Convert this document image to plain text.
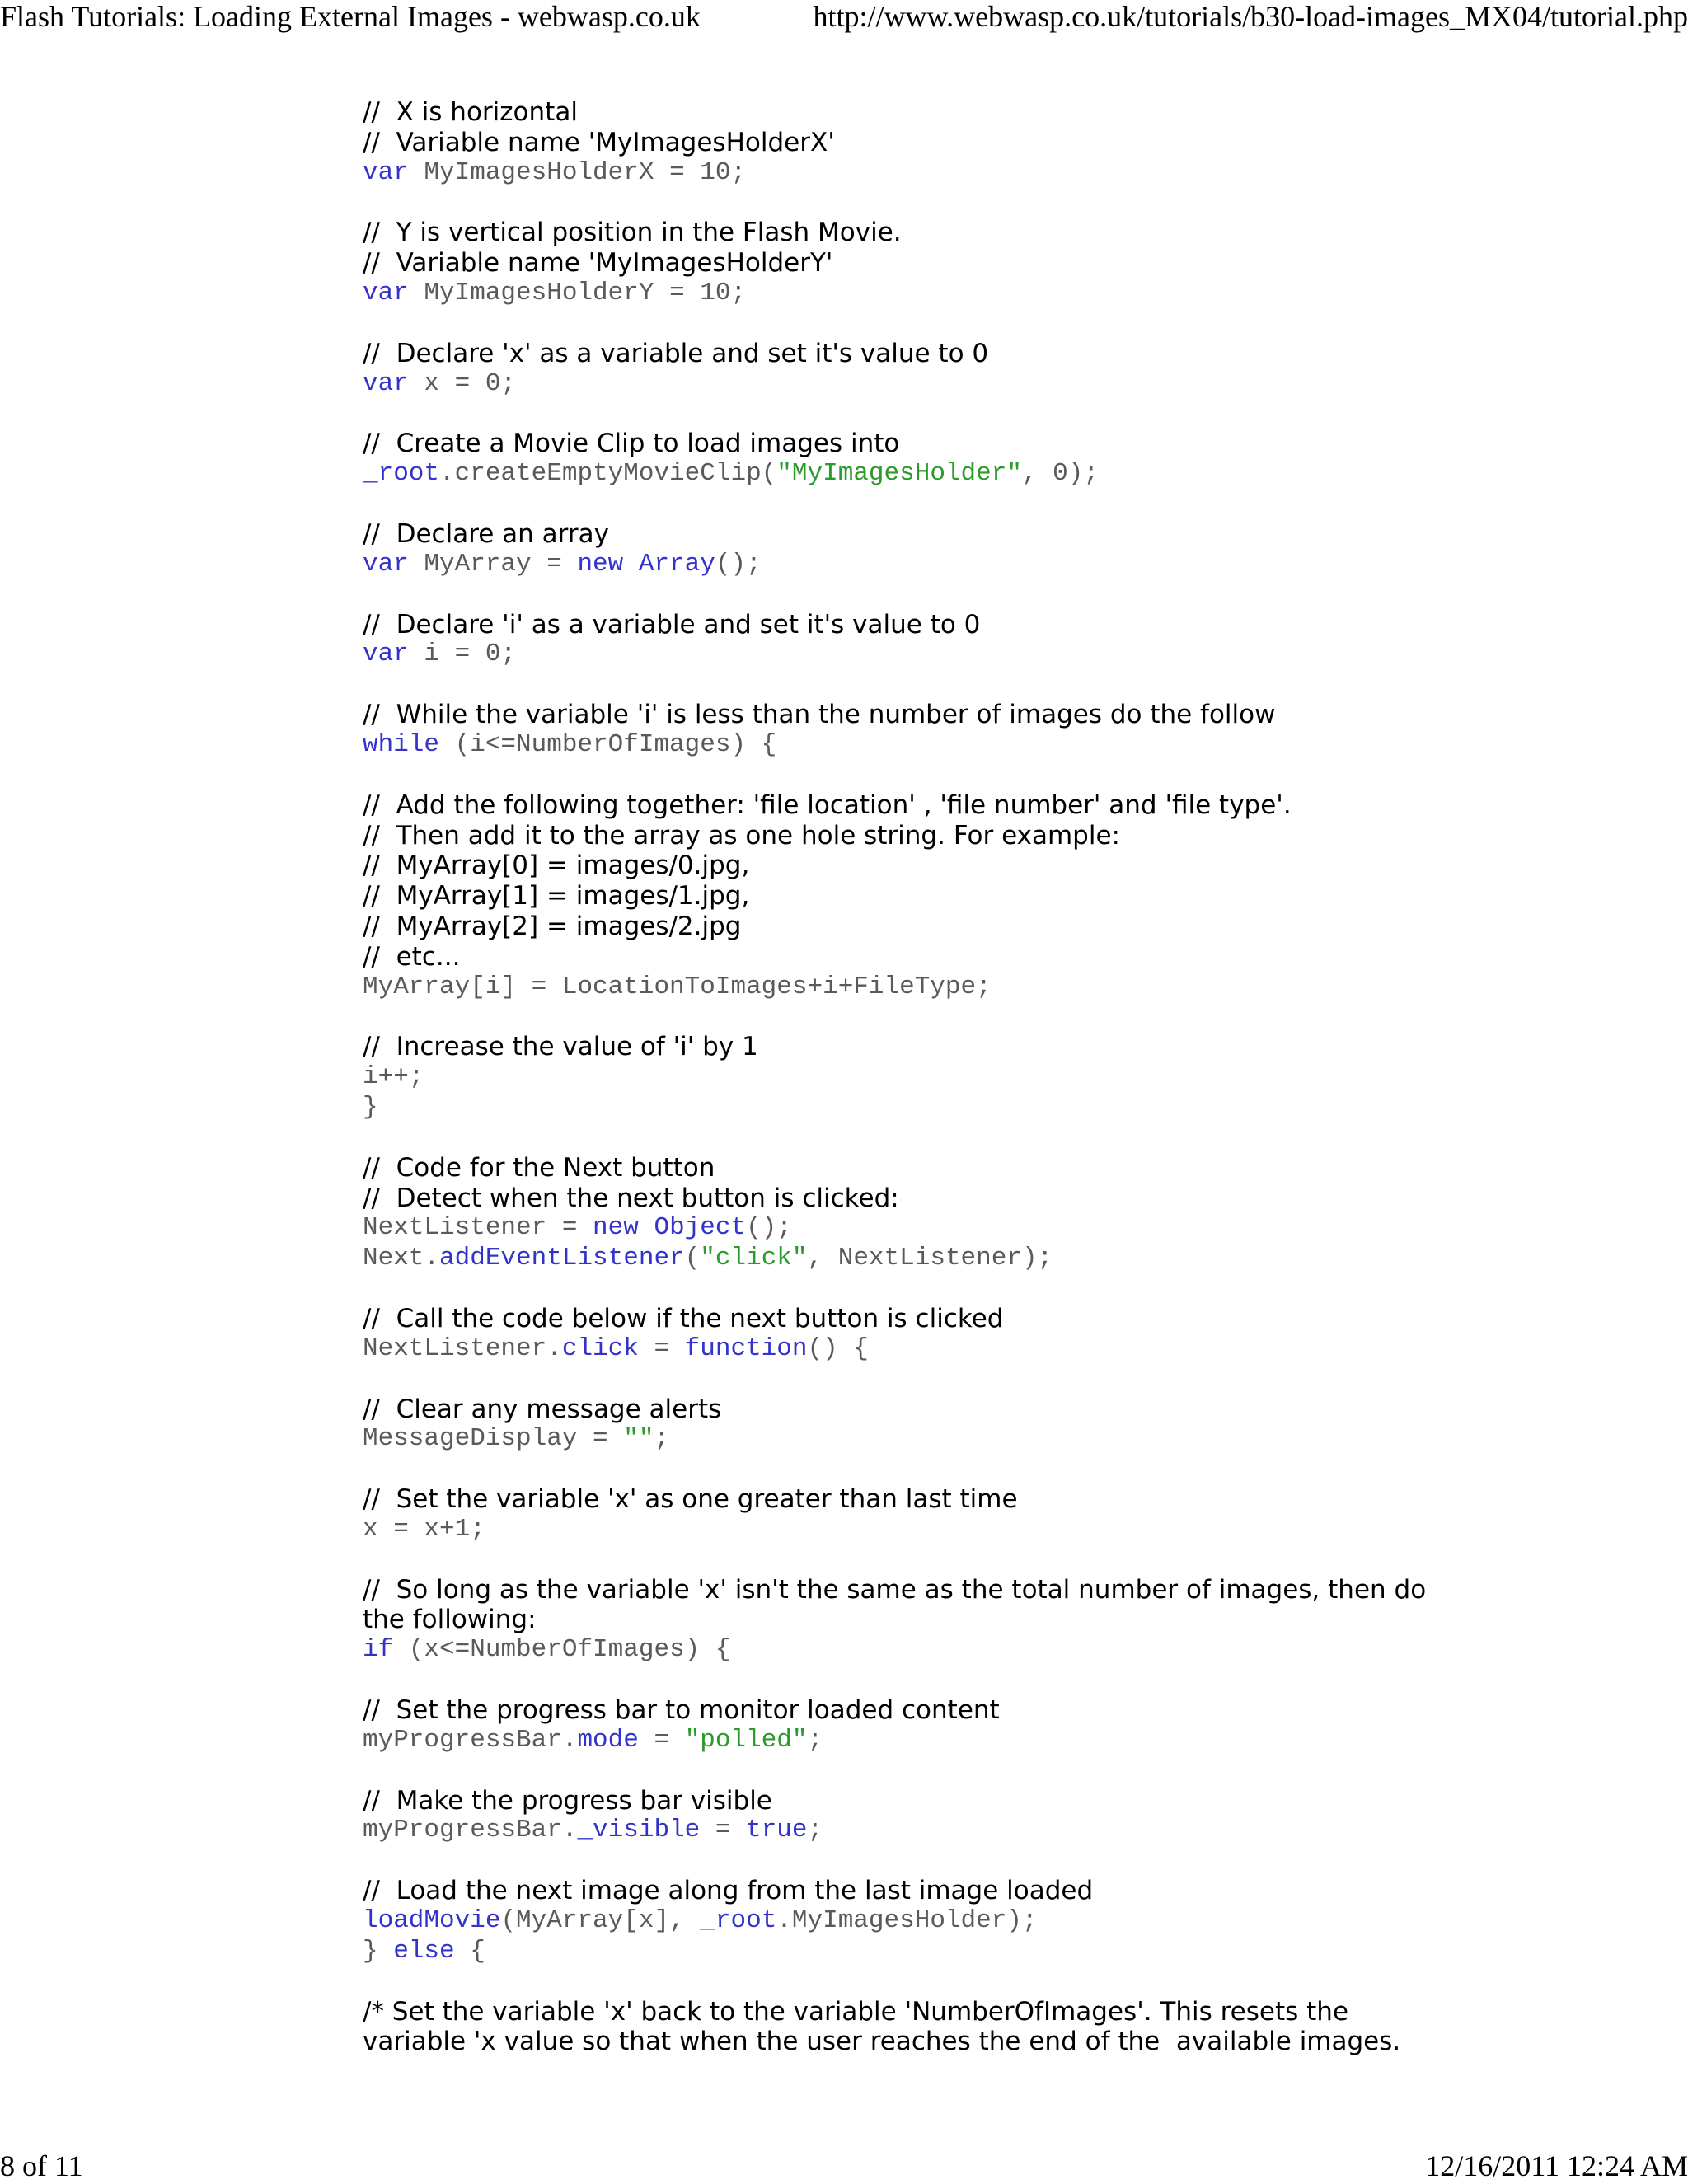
Flash Tutorials: Loading External Images - webwasp.co.uk	http://www.webwasp.co.uk/tutorials/b30-load-images_MX04/tutorial.php
//  X is horizontal
//  Variable name 'MyImagesHolderX'
var MyImagesHolderX = 10;
//  Y is vertical position in the Flash Movie.
//  Variable name 'MyImagesHolderY'
var MyImagesHolderY = 10;
//  Declare 'x' as a variable and set it's value to 0
var x = 0;
//  Create a Movie Clip to load images into
_root.createEmptyMovieClip("MyImagesHolder", 0);
//  Declare an array
var MyArray = new Array();
//  Declare 'i' as a variable and set it's value to 0
var i = 0;
//  While the variable 'i' is less than the number of images do the follow
while (i<=NumberOfImages) {
//  Add the following together: 'file location' , 'file number' and 'file type'.
//  Then add it to the array as one hole string. For example:
//  MyArray[0] = images/0.jpg,
//  MyArray[1] = images/1.jpg,
//  MyArray[2] = images/2.jpg
//  etc...
MyArray[i] = LocationToImages+i+FileType;
//  Increase the value of 'i' by 1
i++;
}
//  Code for the Next button
//  Detect when the next button is clicked:
NextListener = new Object();
Next.addEventListener("click", NextListener);
//  Call the code below if the next button is clicked
NextListener.click = function() {
//  Clear any message alerts
MessageDisplay = "";
//  Set the variable 'x' as one greater than last time
x = x+1;
//  So long as the variable 'x' isn't the same as the total number of images, then do
the following:
if (x<=NumberOfImages) {
//  Set the progress bar to monitor loaded content
myProgressBar.mode = "polled";
//  Make the progress bar visible
myProgressBar._visible = true;
//  Load the next image along from the last image loaded
loadMovie(MyArray[x], _root.MyImagesHolder);
} else {
/* Set the variable 'x' back to the variable 'NumberOfImages'. This resets the
variable 'x value so that when the user reaches the end of the  available images.
8 of 11	12/16/2011 12:24 AM
